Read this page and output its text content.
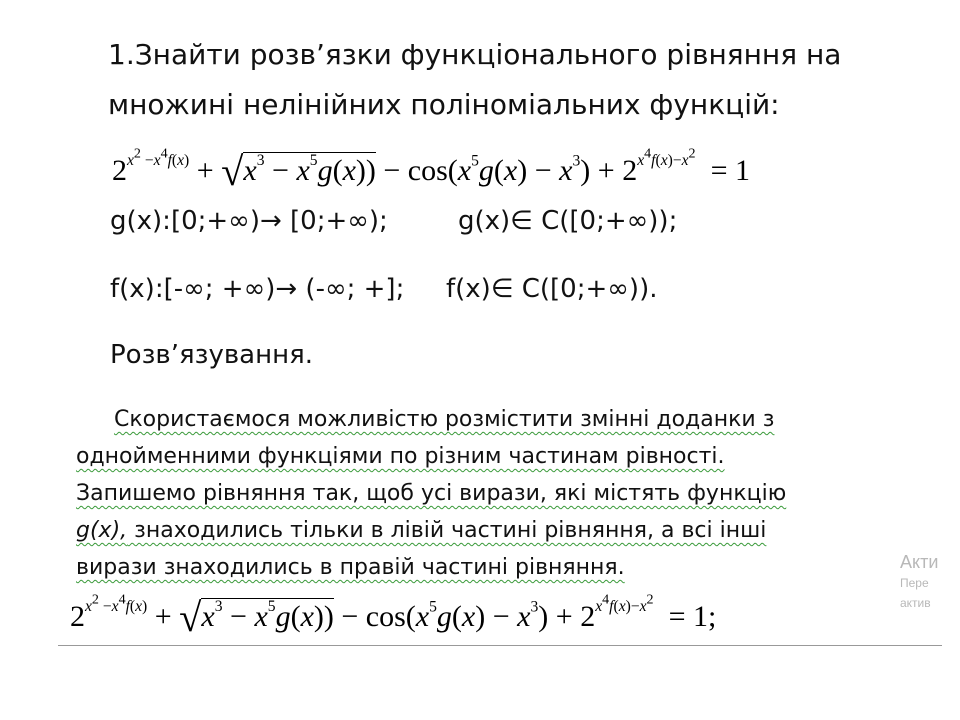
1.Знайти розв’язки функціонального рівняння на
множині нелінійних поліноміальних функцій:
$2^{x^2 -x^4f(x)} + √x^3 - x^5g(x)) - \cos(x^5g(x) - x^3) + 2^{x^4f(x)-x^2} = 1$
g(x):[0;+∞)→ [0;+∞);	g(x)∈ C([0;+∞));
f(x):[-∞; +∞)→ (-∞; +]; f(x)∈ C([0;+∞)).
Розв’язування.
Скористаємося можливістю розмістити змінні доданки з
однойменними функціями по різним частинам рівності.
Запишемо рівняння так, щоб усі вирази, які містять функцію
g(x), знаходились тільки в лівій частині рівняння, а всі інші
вирази знаходились в правій частині рівняння.
$2^{x^2 -x^4f(x)} + √x^3 - x^5g(x)) - \cos(x^5g(x) - x^3) + 2^{x^4f(x)-x^2} = 1$;
Акти
Пере
актив
